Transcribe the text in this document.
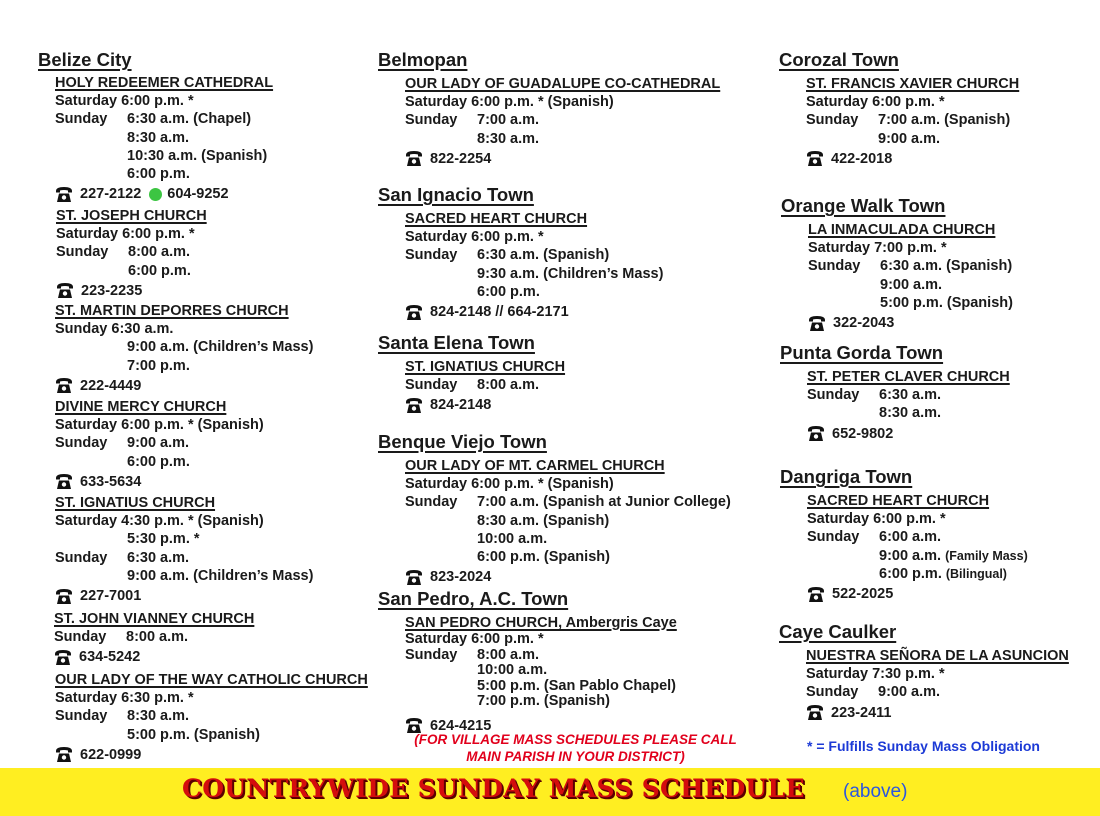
Belize City
HOLY REDEEMER CATHEDRAL
Saturday 6:00 p.m. *
Sunday	6:30 a.m. (Chapel)
8:30 a.m.
10:30 a.m. (Spanish)
6:00 p.m.
227-2122 604-9252
ST. JOSEPH CHURCH
Saturday 6:00 p.m. *
Sunday	8:00 a.m.
6:00 p.m.
223-2235
ST. MARTIN DEPORRES CHURCH
Sunday 6:30 a.m.
9:00 a.m. (Children’s Mass)
7:00 p.m.
222-4449
DIVINE MERCY CHURCH
Saturday 6:00 p.m. * (Spanish)
Sunday	9:00 a.m.
6:00 p.m.
633-5634
ST. IGNATIUS CHURCH
Saturday 4:30 p.m. * (Spanish)
5:30 p.m. *
Sunday	6:30 a.m.
9:00 a.m. (Children’s Mass)
227-7001
ST. JOHN VIANNEY CHURCH
Sunday	8:00 a.m.
634-5242
OUR LADY OF THE WAY CATHOLIC CHURCH
Saturday 6:30 p.m. *
Sunday	8:30 a.m.
5:00 p.m. (Spanish)
622-0999
Belmopan
OUR LADY OF GUADALUPE CO-CATHEDRAL
Saturday 6:00 p.m. * (Spanish)
Sunday	7:00 a.m.
8:30 a.m.
822-2254
San Ignacio Town
SACRED HEART CHURCH
Saturday 6:00 p.m. *
Sunday	6:30 a.m. (Spanish)
9:30 a.m. (Children’s Mass)
6:00 p.m.
824-2148 // 664-2171
Santa Elena Town
ST. IGNATIUS CHURCH
Sunday	8:00 a.m.
824-2148
Benque Viejo Town
OUR LADY OF MT. CARMEL CHURCH
Saturday 6:00 p.m. * (Spanish)
Sunday	7:00 a.m. (Spanish at Junior College)
8:30 a.m. (Spanish)
10:00 a.m.
6:00 p.m. (Spanish)
823-2024
San Pedro, A.C. Town
SAN PEDRO CHURCH, Ambergris Caye
Saturday 6:00 p.m. *
Sunday	8:00 a.m.
10:00 a.m.
5:00 p.m. (San Pablo Chapel)
7:00 p.m. (Spanish)
624-4215
(FOR VILLAGE MASS SCHEDULES PLEASE CALL
MAIN PARISH IN YOUR DISTRICT)
Corozal Town
ST. FRANCIS XAVIER CHURCH
Saturday 6:00 p.m. *
Sunday	7:00 a.m. (Spanish)
9:00 a.m.
422-2018
Orange Walk Town
LA INMACULADA CHURCH
Saturday 7:00 p.m. *
Sunday	6:30 a.m. (Spanish)
9:00 a.m.
5:00 p.m. (Spanish)
322-2043
Punta Gorda Town
ST. PETER CLAVER CHURCH
Sunday	6:30 a.m.
8:30 a.m.
652-9802
Dangriga Town
SACRED HEART CHURCH
Saturday 6:00 p.m. *
Sunday	6:00 a.m.
9:00 a.m. (Family Mass)
6:00 p.m. (Bilingual)
522-2025
Caye Caulker
NUESTRA SEÑORA DE LA ASUNCION
Saturday 7:30 p.m. *
Sunday	9:00 a.m.
223-2411
* = Fulfills Sunday Mass Obligation
COUNTRYWIDE SUNDAY MASS SCHEDULE (above)
